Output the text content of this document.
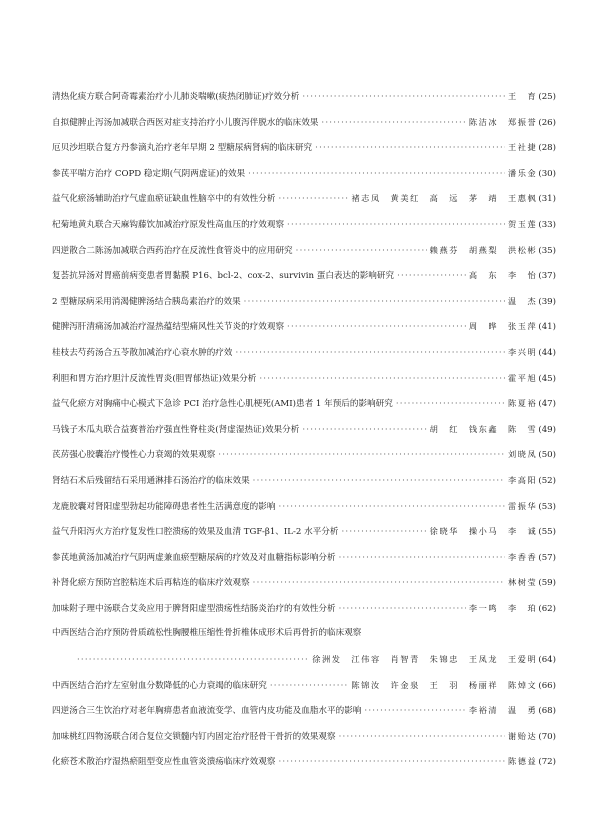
清热化痰方联合阿奇霉素治疗小儿肺炎喘嗽(痰热闭肺证)疗效分析 ·····	王　育 (25)
自拟健脾止泻汤加减联合西医对症支持治疗小儿腹泻伴脱水的临床效果 ·····	陈洁冰　郑振誉 (26)
厄贝沙坦联合复方丹参滴丸治疗老年早期 2 型糖尿病肾病的临床研究 ·····	王社捷 (28)
参芪平喘方治疗 COPD 稳定期(气阴两虚证)的效果 ·····	潘乐金 (30)
益气化瘀汤辅助治疗气虚血瘀证缺血性脑卒中的有效性分析 ·····	褚志凤　黄美红　高　远　茅　靖　王惠枫 (31)
杞菊地黄丸联合天麻钩藤饮加减治疗原发性高血压的疗效观察 ·····	贺玉莲 (33)
四逆散合二陈汤加减联合西药治疗在反流性食管炎中的应用研究 ·····	赖燕芬　胡燕梨　洪松彬 (35)
复荟抗异汤对胃癌前病变患者胃黏膜 P16、bcl-2、cox-2、survivin 蛋白表达的影响研究 ·····	高　东　李　怡 (37)
2 型糖尿病采用消渴健脾汤结合胰岛素治疗的效果 ·····	温　杰 (39)
健脾泻肝清痛汤加减治疗湿热蕴结型痛风性关节炎的疗效观察 ·····	周　晔　张玉萍 (41)
桂枝去芍药汤合五苓散加减治疗心衰水肿的疗效 ·····	李兴明 (44)
利胆和胃方治疗胆汁反流性胃炎(胆胃郁热证)效果分析 ·····	霍平旭 (45)
益气化瘀方对胸痛中心模式下急诊 PCI 治疗急性心肌梗死(AMI)患者 1 年预后的影响研究 ·····	陈夏裕 (47)
马钱子木瓜丸联合益赛普治疗强直性脊柱炎(肾虚湿热证)效果分析 ·····	胡　红　钱东鑫　陈　雪 (49)
芪苈强心胶囊治疗慢性心力衰竭的效果观察 ·····	刘晓凤 (50)
肾结石术后残留结石采用通淋排石汤治疗的临床效果 ·····	李高阳 (52)
龙鹿胶囊对肾阳虚型勃起功能障碍患者性生活满意度的影响 ·····	雷振华 (53)
益气升阳泻火方治疗复发性口腔溃疡的效果及血清 TGF-β1、IL-2 水平分析 ·····	徐晓华　操小马　李　诚 (55)
参芪地黄汤加减治疗气阴两虚兼血瘀型糖尿病的疗效及对血糖指标影响分析 ·····	李香香 (57)
补肾化瘀方预防宫腔粘连术后再粘连的临床疗效观察 ·····	林树莹 (59)
加味附子理中汤联合艾灸应用于脾肾阳虚型溃疡性结肠炎治疗的有效性分析 ·····	李一鸣　李　珀 (62)
中西医结合治疗预防骨质疏松性胸腰椎压缩性骨折椎体成形术后再骨折的临床观察
·····
徐洲发　江伟容　肖智青　朱锦忠　王凤龙　王爱明 (64)
中西医结合治疗左室射血分数降低的心力衰竭的临床研究 ·····	陈锦汝　许金泉　王　羽　杨丽祥　陈焯文 (66)
四逆汤合三生饮治疗对老年胸痹患者血液流变学、血管内皮功能及血脂水平的影响 ·····	李裕清　温　勇 (68)
加味桃红四物汤联合闭合复位交锁髓内钉内固定治疗胫骨干骨折的效果观察 ·····	谢贻达 (70)
化瘀苍术散治疗湿热瘀阻型变应性血管炎溃疡临床疗效观察 ·····	陈德益 (72)
